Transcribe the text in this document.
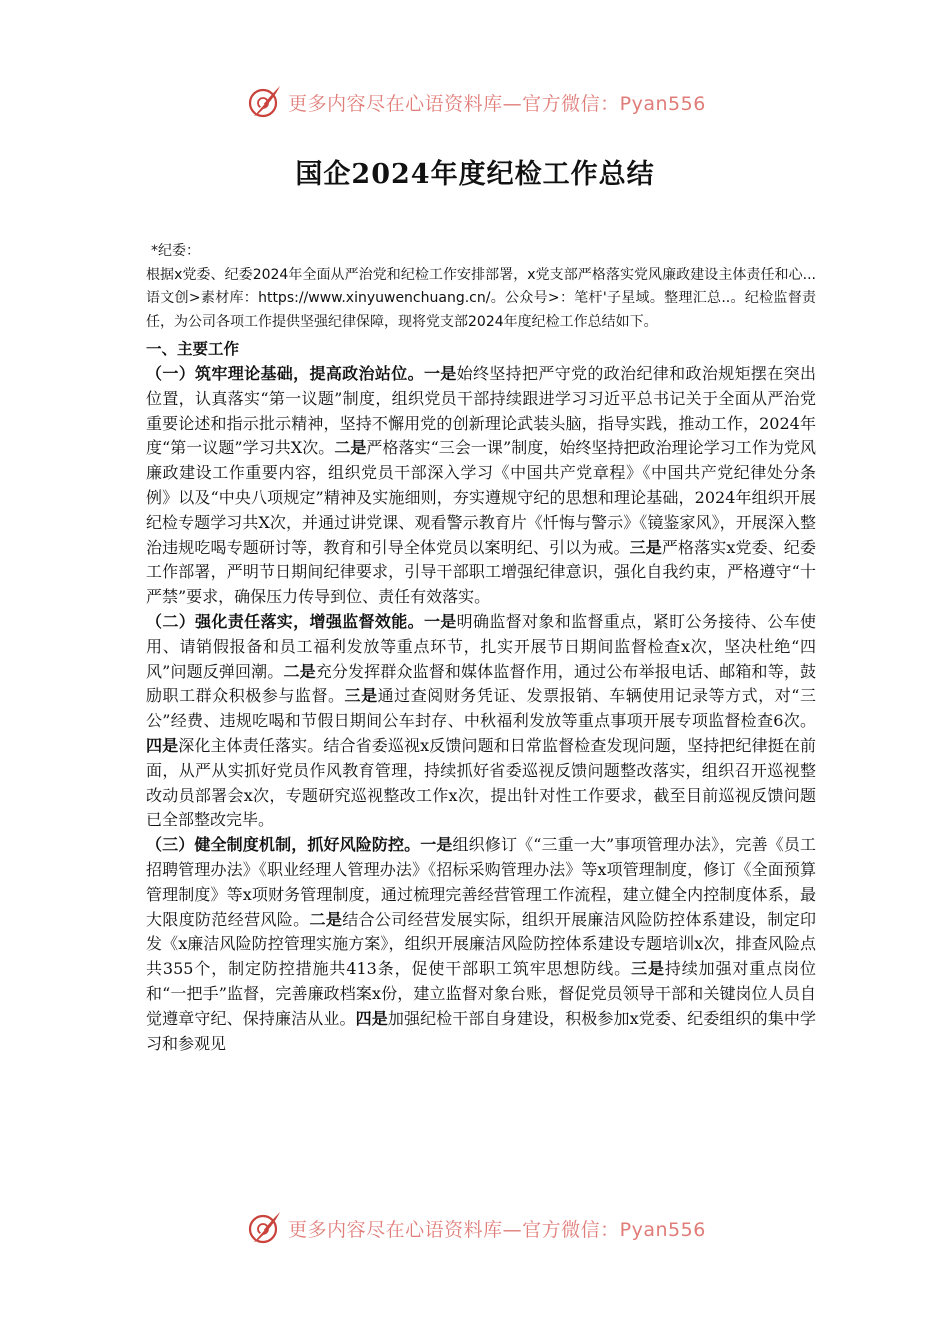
更多内容尽在心语资料库—官方微信：Pyan556
国企2024年度纪检工作总结

*纪委：

根据x党委、纪委2024年全面从严治党和纪检工作安排部署，x党支部严格落实党风廉政建设主体责任和心...语文创>素材库：https://www.xinyuwenchuang.cn/。公众号>：笔杆'子星域。整理汇总..。纪检监督责任，为公司各项工作提供坚强纪律保障，现将党支部2024年度纪检工作总结如下。

一、主要工作

（一）筑牢理论基础，提高政治站位。一是始终坚持把严守党的政治纪律和政治规矩摆在突出位置，认真落实“第一议题”制度，组织党员干部持续跟进学习习近平总书记关于全面从严治党重要论述和指示批示精神，坚持不懈用党的创新理论武装头脑，指导实践，推动工作，2024年度“第一议题”学习共X次。二是严格落实“三会一课”制度，始终坚持把政治理论学习工作为党风廉政建设工作重要内容，组织党员干部深入学习《中国共产党章程》《中国共产党纪律处分条例》以及“中央八项规定”精神及实施细则，夯实遵规守纪的思想和理论基础，2024年组织开展纪检专题学习共X次，并通过讲党课、观看警示教育片《忏悔与警示》《镜鉴家风》，开展深入整治违规吃喝专题研讨等，教育和引导全体党员以案明纪、引以为戒。三是严格落实x党委、纪委工作部署，严明节日期间纪律要求，引导干部职工增强纪律意识，强化自我约束，严格遵守“十严禁”要求，确保压力传导到位、责任有效落实。

（二）强化责任落实，增强监督效能。一是明确监督对象和监督重点，紧盯公务接待、公车使用、请销假报备和员工福利发放等重点环节，扎实开展节日期间监督检查x次，坚决杜绝“四风”问题反弹回潮。二是充分发挥群众监督和媒体监督作用，通过公布举报电话、邮箱和等，鼓励职工群众积极参与监督。三是通过查阅财务凭证、发票报销、车辆使用记录等方式，对“三公”经费、违规吃喝和节假日期间公车封存、中秋福利发放等重点事项开展专项监督检查6次。四是深化主体责任落实。结合省委巡视x反馈问题和日常监督检查发现问题，坚持把纪律挺在前面，从严从实抓好党员作风教育管理，持续抓好省委巡视反馈问题整改落实，组织召开巡视整改动员部署会x次，专题研究巡视整改工作x次，提出针对性工作要求，截至目前巡视反馈问题已全部整改完毕。

（三）健全制度机制，抓好风险防控。一是组织修订《“三重一大”事项管理办法》，完善《员工招聘管理办法》《职业经理人管理办法》《招标采购管理办法》等x项管理制度，修订《全面预算管理制度》等x项财务管理制度，通过梳理完善经营管理工作流程，建立健全内控制度体系，最大限度防范经营风险。二是结合公司经营发展实际，组织开展廉洁风险防控体系建设，制定印发《x廉洁风险防控管理实施方案》，组织开展廉洁风险防控体系建设专题培训x次，排查风险点共355个，制定防控措施共413条，促使干部职工筑牢思想防线。三是持续加强对重点岗位和“一把手”监督，完善廉政档案x份，建立监督对象台账，督促党员领导干部和关键岗位人员自觉遵章守纪、保持廉洁从业。四是加强纪检干部自身建设，积极参加x党委、纪委组织的集中学习和参观见

更多内容尽在心语资料库—官方微信：Pyan556
